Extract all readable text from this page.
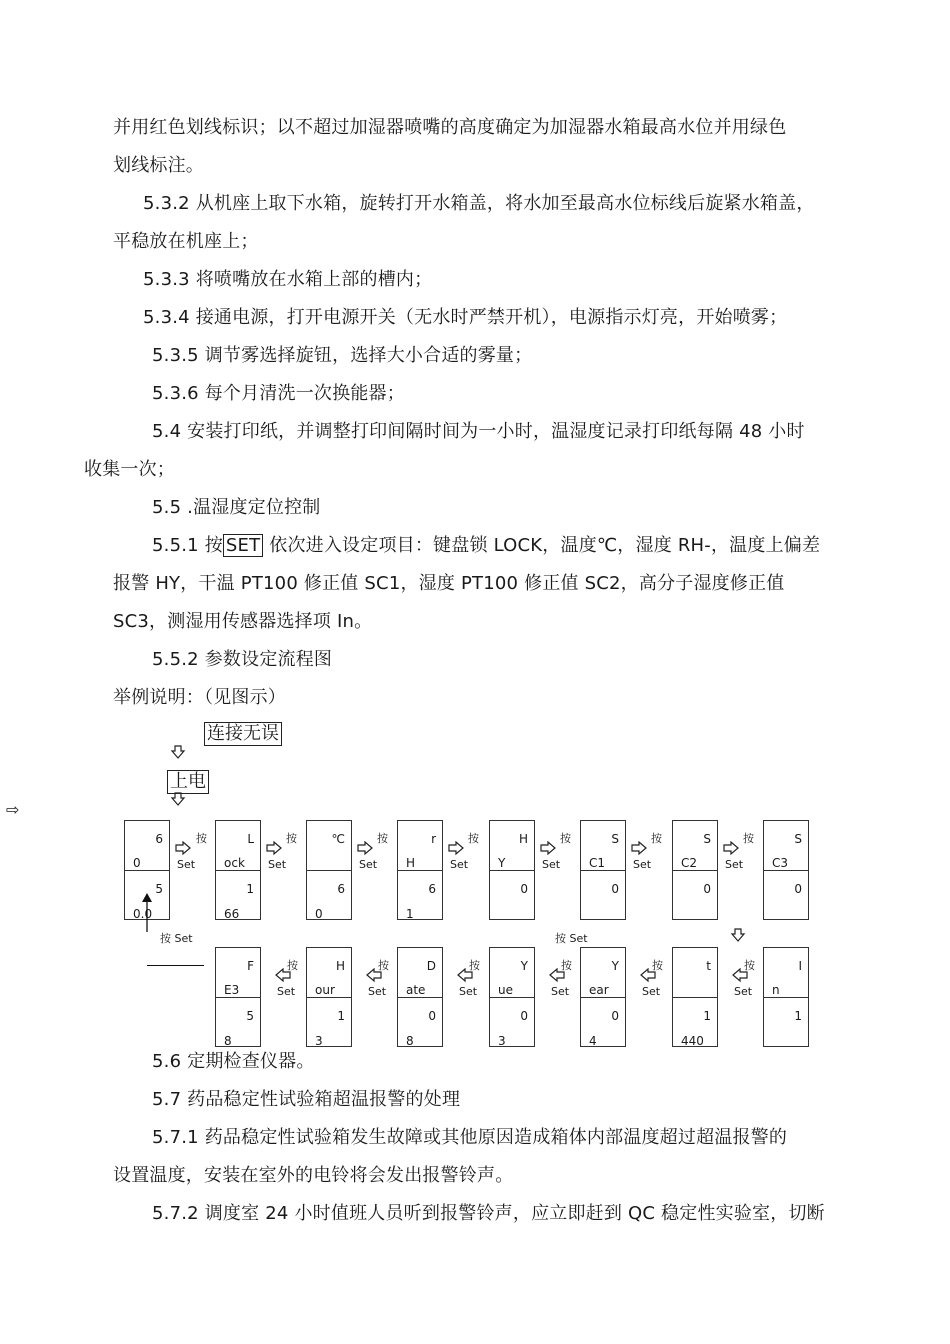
并用红色划线标识；以不超过加湿器喷嘴的高度确定为加湿器水箱最高水位并用绿色
划线标注。
5.3.2 从机座上取下水箱，旋转打开水箱盖，将水加至最高水位标线后旋紧水箱盖，
平稳放在机座上；
5.3.3 将喷嘴放在水箱上部的槽内；
5.3.4 接通电源，打开电源开关（无水时严禁开机），电源指示灯亮，开始喷雾；
5.3.5 调节雾选择旋钮，选择大小合适的雾量；
5.3.6 每个月清洗一次换能器；
5.4 安装打印纸，并调整打印间隔时间为一小时，温湿度记录打印纸每隔 48 小时
收集一次；
5.5 .温湿度定位控制
5.5.1 按 SET 依次进入设定项目：键盘锁 LOCK，温度℃，湿度 RH-，温度上偏差
报警 HY，干温 PT100 修正值 SC1，湿度 PT100 修正值 SC2，高分子湿度修正值
SC3，测湿用传感器选择项 In。
5.5.2 参数设定流程图
举例说明：（见图示）
连接无误
上电
⇨
6
0
5
0.0
Set
L
ock
1
66
按
Set
℃
6
0
按
Set
r
H
6
1
按
Set
H
Y
0
按
Set
S
C1
0
按
Set
S
C2
0
按
Set
S
C3
0
按
F
E3
5
8
Set
按	H
our
1
3
Set
按	D
ate
0
8
Set
按	Y
ue
0
3
Set
按	Y
ear
0
4
Set
按	t
1
440
Set
按	I
n
1
按 Set	按 Set
5.6 定期检查仪器。
5.7 药品稳定性试验箱超温报警的处理
5.7.1 药品稳定性试验箱发生故障或其他原因造成箱体内部温度超过超温报警的
设置温度，安装在室外的电铃将会发出报警铃声。
5.7.2 调度室 24 小时值班人员听到报警铃声，应立即赶到 QC 稳定性实验室，切断
